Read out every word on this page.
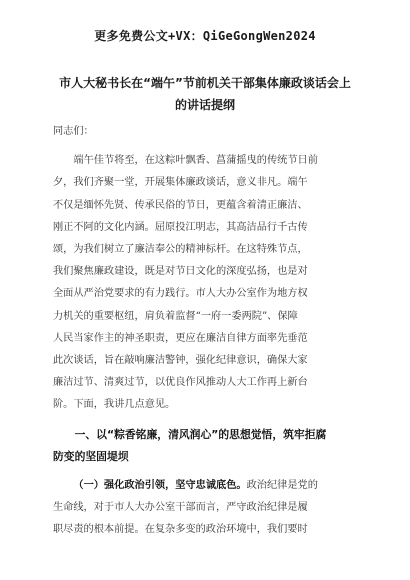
更多免费公文+VX：QiGeGongWen2024
市人大秘书长在“端午”节前机关干部集体廉政谈话会上
的讲话提纲
同志们：
端午佳节将至，在这粽叶飘香、菖蒲摇曳的传统节日前
夕，我们齐聚一堂，开展集体廉政谈话，意义非凡。端午
不仅是缅怀先贤、传承民俗的节日，更蕴含着清正廉洁、
刚正不阿的文化内涵。屈原投江明志，其高洁品行千古传
颂，为我们树立了廉洁奉公的精神标杆。在这特殊节点，
我们聚焦廉政建设，既是对节日文化的深度弘扬，也是对
全面从严治党要求的有力践行。市人大办公室作为地方权
力机关的重要枢纽，肩负着监督“一府一委两院”、保障
人民当家作主的神圣职责，更应在廉洁自律方面率先垂范
此次谈话，旨在敲响廉洁警钟，强化纪律意识，确保大家
廉洁过节、清爽过节，以优良作风推动人大工作再上新台
阶。下面，我讲几点意见。
一、以“粽香铭廉，清风润心”的思想觉悟，筑牢拒腐
防变的坚固堤坝
（一）强化政治引领，坚守忠诚底色。政治纪律是党的
生命线，对于市人大办公室干部而言，严守政治纪律是履
职尽责的根本前提。在复杂多变的政治环境中，我们要时
